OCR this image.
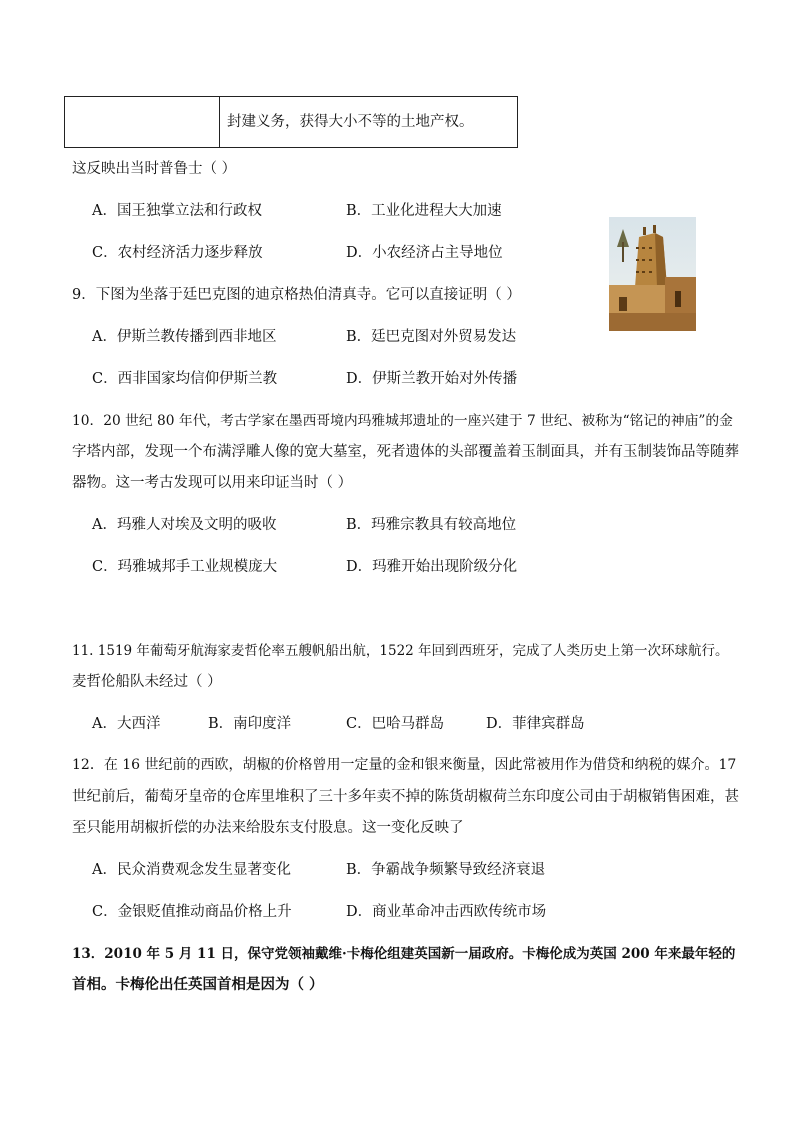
封建义务，获得大小不等的土地产权。
这反映出当时普鲁士（ ）
A．国王独掌立法和行政权	B．工业化进程大大加速
C．农村经济活力逐步释放	D．小农经济占主导地位
9．下图为坐落于廷巴克图的迪京格热伯清真寺。它可以直接证明（ ）
A．伊斯兰教传播到西非地区	B．廷巴克图对外贸易发达
C．西非国家均信仰伊斯兰教	D．伊斯兰教开始对外传播
10．20 世纪 80 年代，考古学家在墨西哥境内玛雅城邦遗址的一座兴建于 7 世纪、被称为“铭记的神庙”的金
字塔内部，发现一个布满浮雕人像的宽大墓室，死者遗体的头部覆盖着玉制面具，并有玉制装饰品等随葬
器物。这一考古发现可以用来印证当时（ ）
A．玛雅人对埃及文明的吸收	B．玛雅宗教具有较高地位
C．玛雅城邦手工业规模庞大	D．玛雅开始出现阶级分化
11. 1519 年葡萄牙航海家麦哲伦率五艘帆船出航，1522 年回到西班牙，完成了人类历史上第一次环球航行。
麦哲伦船队未经过（ ）
A．大西洋	B．南印度洋	C．巴哈马群岛	D．菲律宾群岛
12．在 16 世纪前的西欧，胡椒的价格曾用一定量的金和银来衡量，因此常被用作为借贷和纳税的媒介。17
世纪前后，葡萄牙皇帝的仓库里堆积了三十多年卖不掉的陈货胡椒荷兰东印度公司由于胡椒销售困难，甚
至只能用胡椒折偿的办法来给股东支付股息。这一变化反映了
A．民众消费观念发生显著变化	B．争霸战争频繁导致经济衰退
C．金银贬值推动商品价格上升	D．商业革命冲击西欧传统市场
13．2010 年 5 月 11 日，保守党领袖戴维·卡梅伦组建英国新一届政府。卡梅伦成为英国 200 年来最年轻的
首相。卡梅伦出任英国首相是因为（ ）
